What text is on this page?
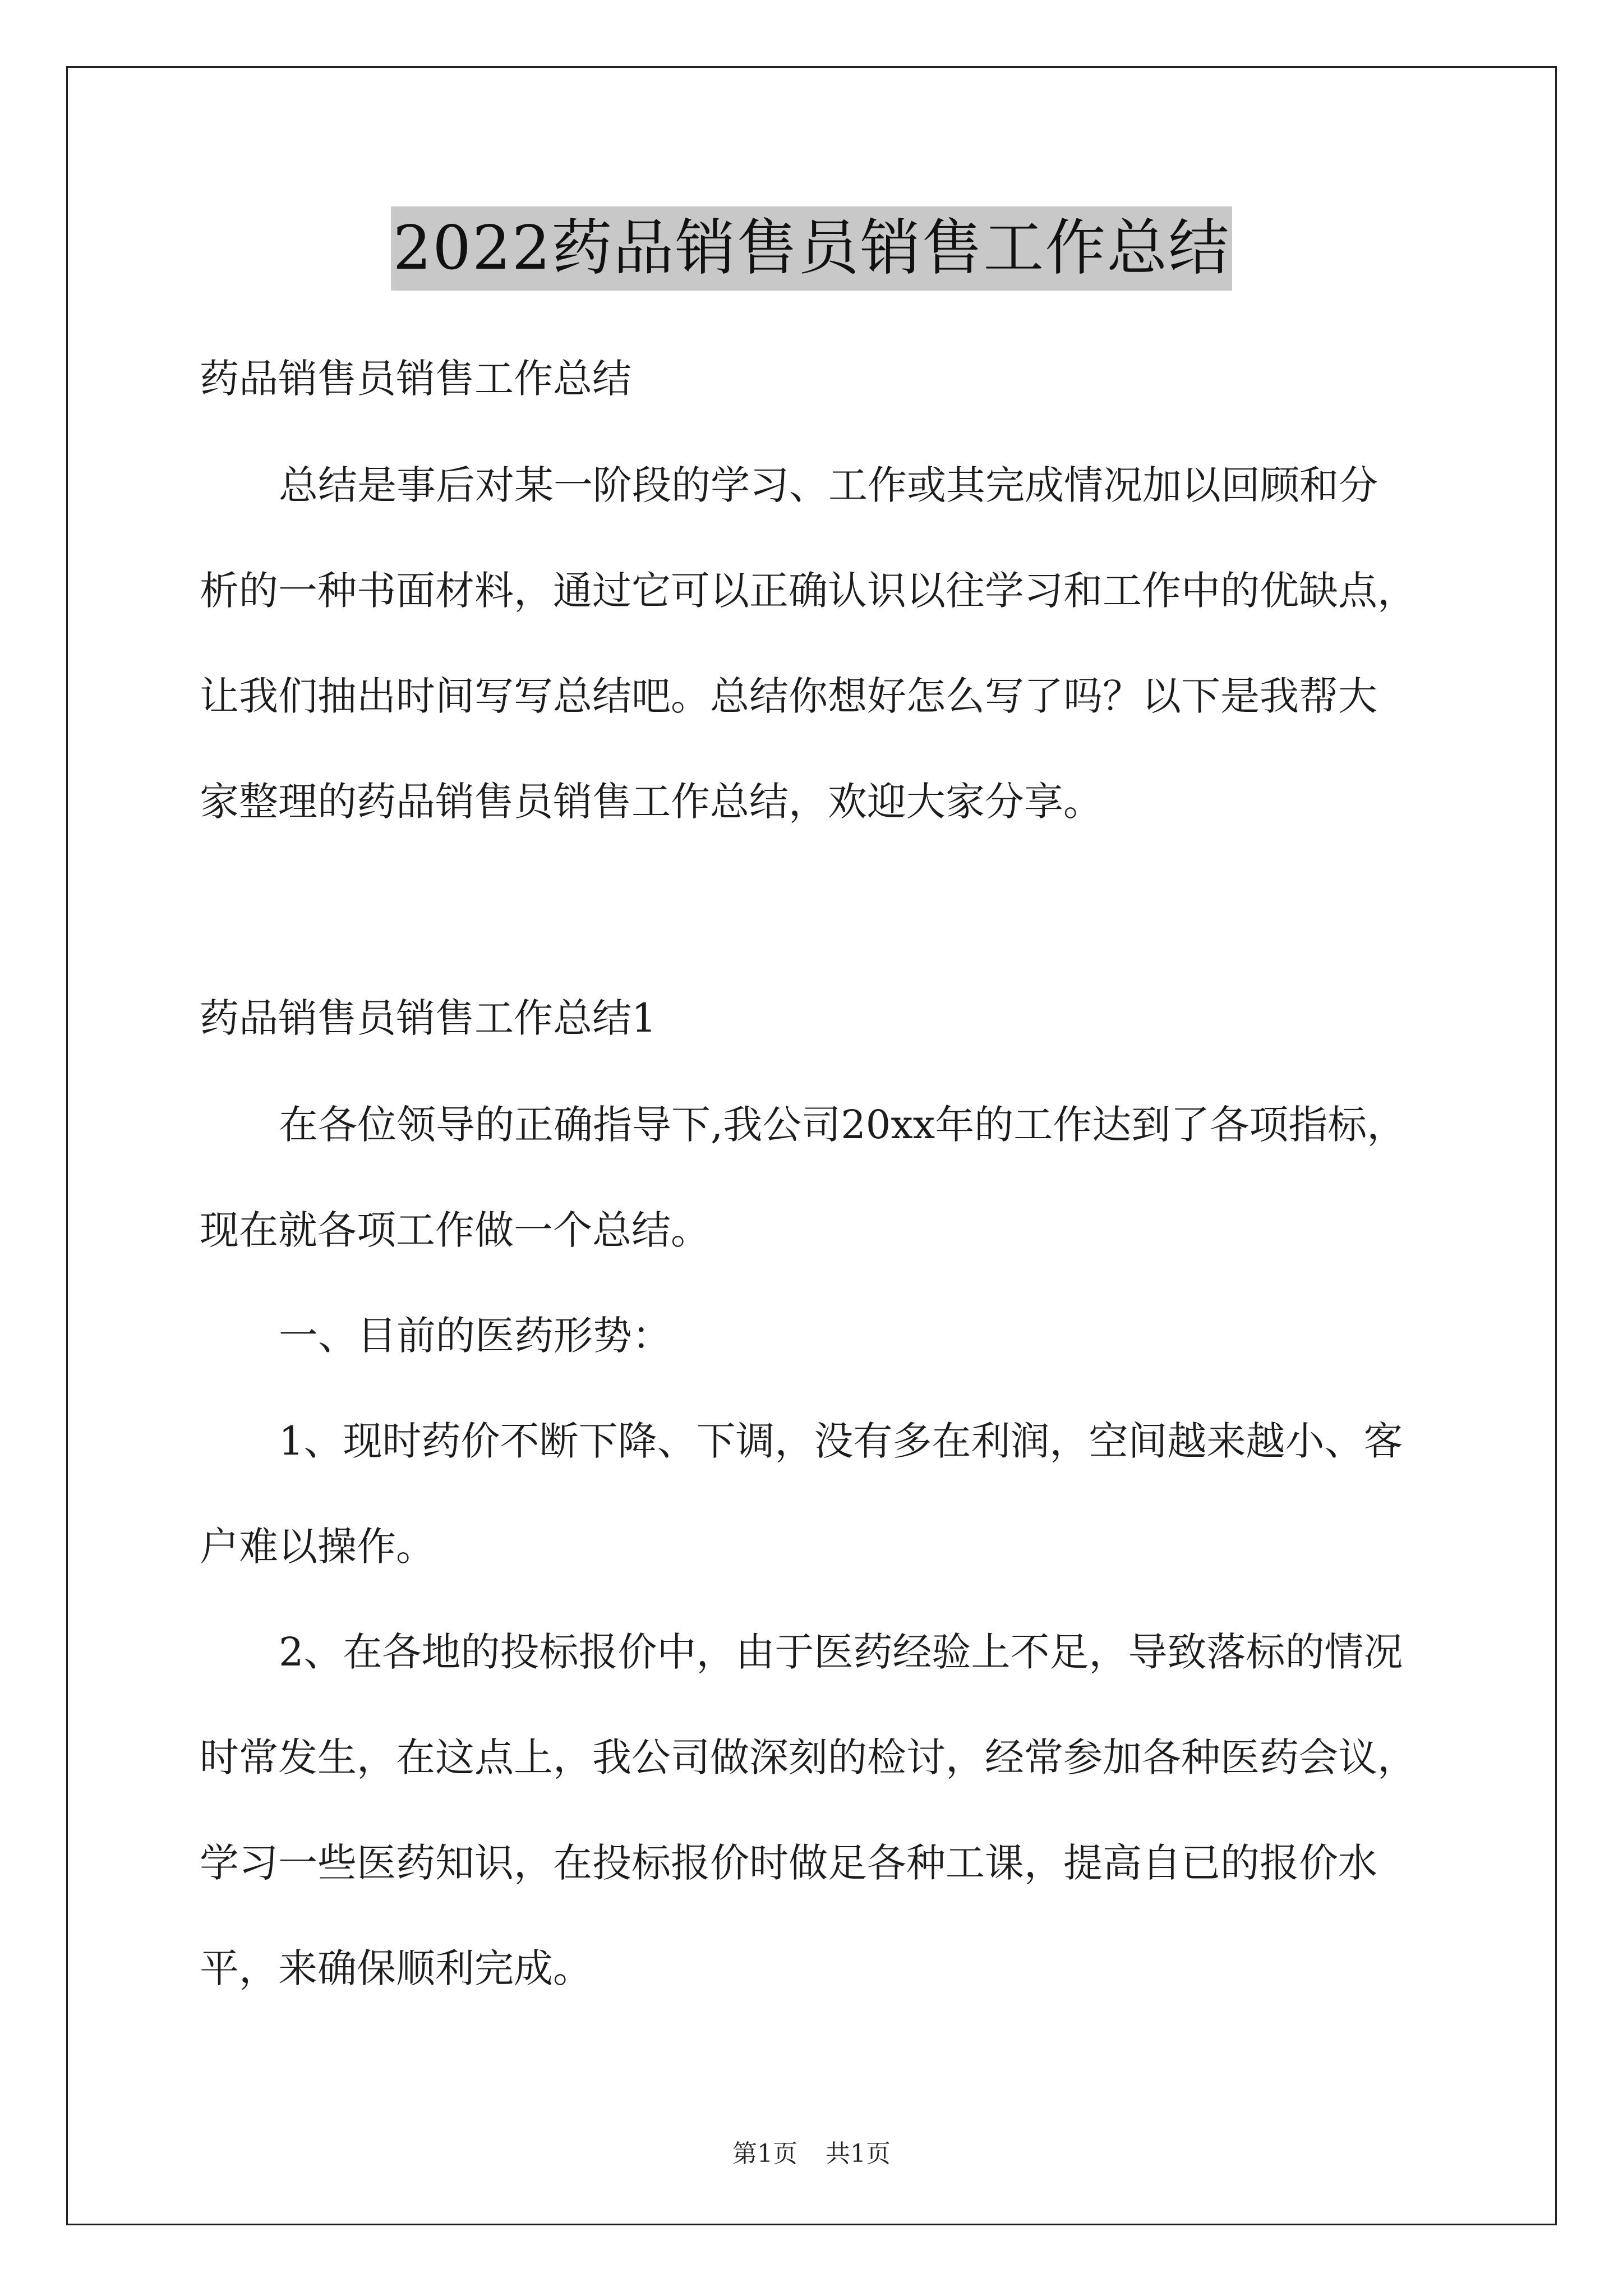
2022药品销售员销售工作总结
药品销售员销售工作总结
总结是事后对某一阶段的学习、工作或其完成情况加以回顾和分
析的一种书面材料，通过它可以正确认识以往学习和工作中的优缺点，
让我们抽出时间写写总结吧。总结你想好怎么写了吗？以下是我帮大
家整理的药品销售员销售工作总结，欢迎大家分享。
药品销售员销售工作总结1
在各位领导的正确指导下,我公司20xx年的工作达到了各项指标，
现在就各项工作做一个总结。
一、目前的医药形势：
1、现时药价不断下降、下调，没有多在利润，空间越来越小、客
户难以操作。
2、在各地的投标报价中，由于医药经验上不足，导致落标的情况
时常发生，在这点上，我公司做深刻的检讨，经常参加各种医药会议，
学习一些医药知识，在投标报价时做足各种工课，提高自已的报价水
平，来确保顺利完成。
第1页 共1页
